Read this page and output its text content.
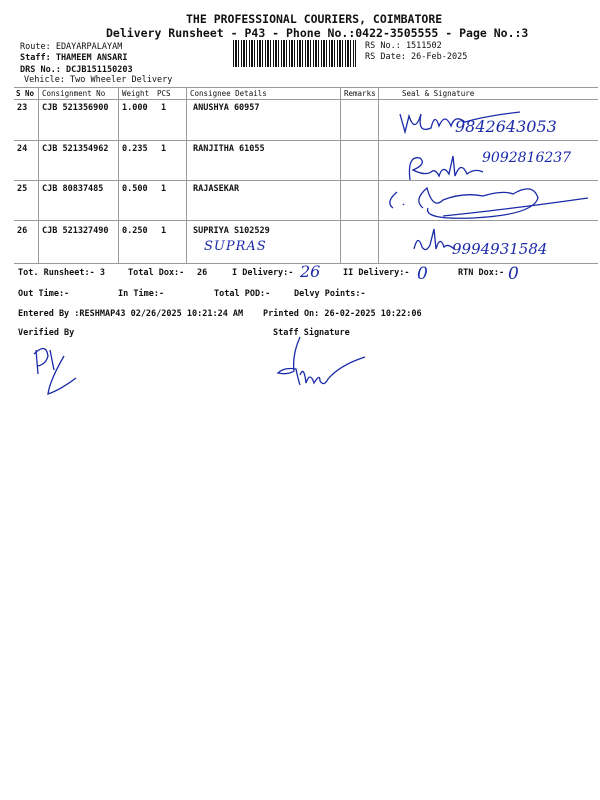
THE PROFESSIONAL COURIERS, COIMBATORE
Delivery Runsheet - P43 - Phone No.:0422-3505555 - Page No.:3
Route: EDAYARPALAYAM
Staff: THAMEEM ANSARI
DRS No.: DCJB151150203
Vehicle: Two Wheeler Delivery
RS No.: 1511502
RS Date: 26-Feb-2025
S No Consignment No Weight PCS	Consignee Details	Remarks	Seal & Signature
23 CJB 521356900 1.000 1	ANUSHYA 60957
9842643053
24 CJB 521354962 0.235 1	RANJITHA 61055
9092816237
25 CJB 80837485 0.500 1	RAJASEKAR
26 CJB 521327490 0.250 1	SUPRIYA S102529
SUPRAS	9994931584
Tot. Runsheet:- 3	Total Dox:- 26	I Delivery:- 26	II Delivery:- 0	RTN Dox:- 0
Out Time:-	In Time:-	Total POD:-	Delvy Points:-
Entered By :RESHMAP43 02/26/2025 10:21:24 AM Printed On: 26-02-2025 10:22:06
Verified By	Staff Signature
